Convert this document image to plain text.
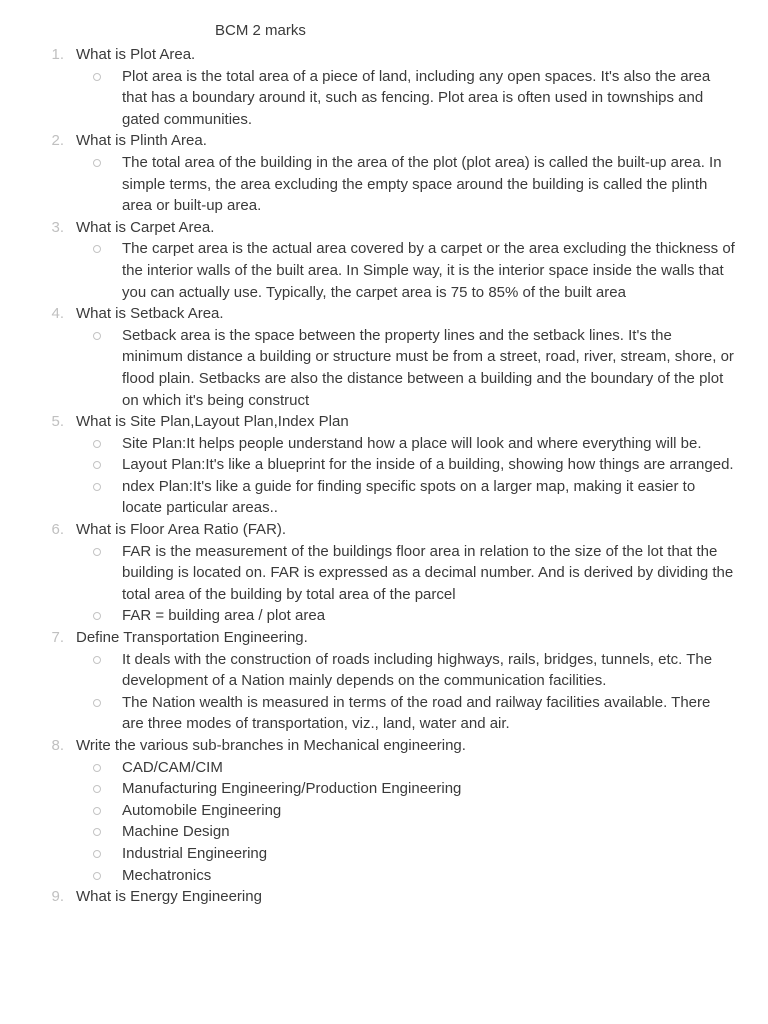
BCM 2 marks
1. What is Plot Area.
Plot area is the total area of a piece of land, including any open spaces. It's also the area that has a boundary around it, such as fencing. Plot area is often used in townships and gated communities.
2. What is Plinth Area.
The total area of the building in the area of the plot (plot area) is called the built-up area. In simple terms, the area excluding the empty space around the building is called the plinth area or built-up area.
3. What is Carpet Area.
The carpet area is the actual area covered by a carpet or the area excluding the thickness of the interior walls of the built area. In Simple way, it is the interior space inside the walls that you can actually use. Typically, the carpet area is 75 to 85% of the built area
4. What is Setback Area.
Setback area is the space between the property lines and the setback lines. It's the minimum distance a building or structure must be from a street, road, river, stream, shore, or flood plain. Setbacks are also the distance between a building and the boundary of the plot on which it's being construct
5. What is Site Plan,Layout Plan,Index Plan
Site Plan:It helps people understand how a place will look and where everything will be.
Layout Plan:It's like a blueprint for the inside of a building, showing how things are arranged.
ndex Plan:It's like a guide for finding specific spots on a larger map, making it easier to locate particular areas..
6. What is Floor Area Ratio (FAR).
FAR is the measurement of the buildings floor area in relation to the size of the lot that the building is located on. FAR is expressed as a decimal number. And is derived by dividing the total area of the building by total area of the parcel
FAR = building area / plot area
7. Define Transportation Engineering.
It deals with the construction of roads including highways, rails, bridges, tunnels, etc. The development of a Nation mainly depends on the communication facilities.
The Nation wealth is measured in terms of the road and railway facilities available. There are three modes of transportation, viz., land, water and air.
8. Write the various sub-branches in Mechanical engineering.
CAD/CAM/CIM
Manufacturing Engineering/Production Engineering
Automobile Engineering
Machine Design
Industrial Engineering
Mechatronics
9. What is Energy Engineering
